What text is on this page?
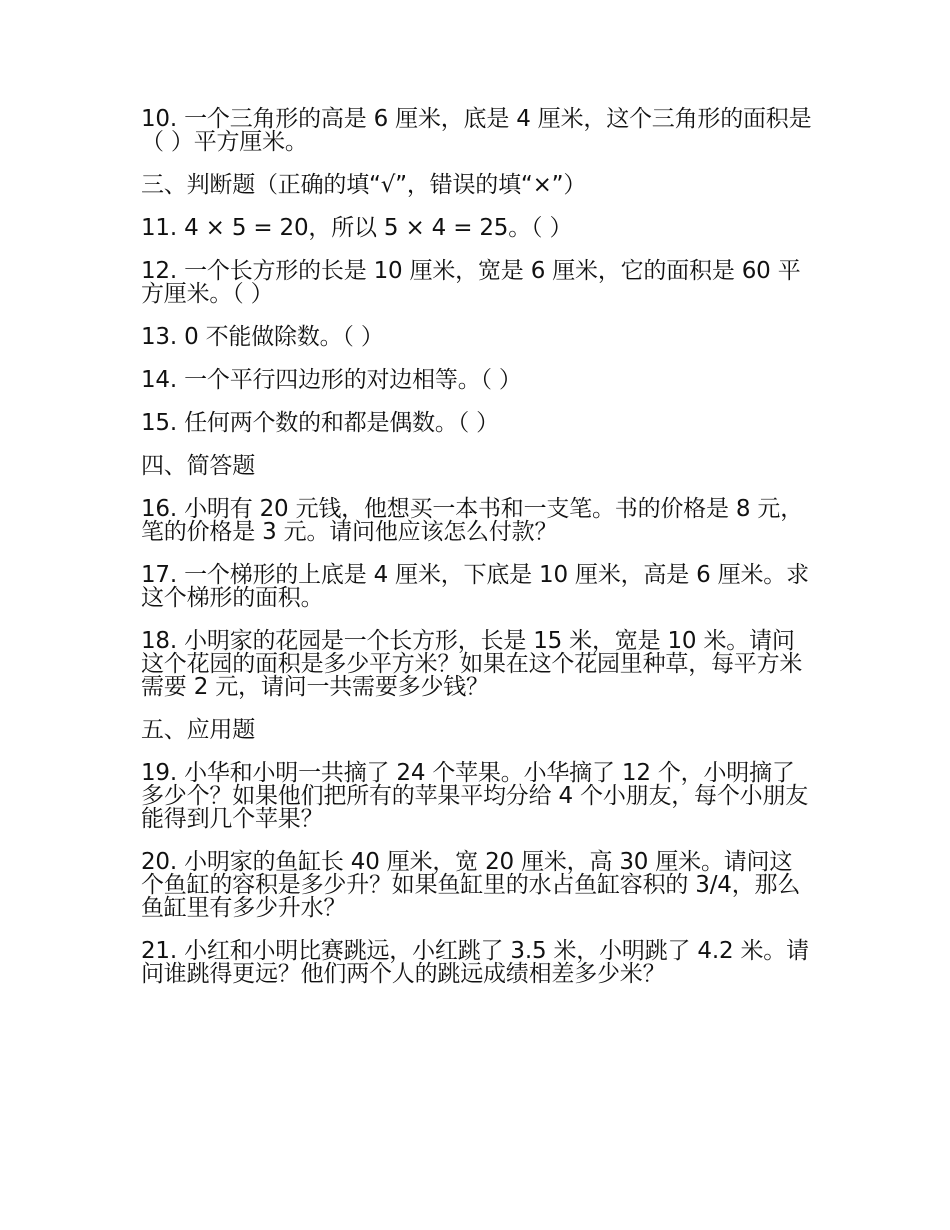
10. 一个三角形的高是 6 厘米，底是 4 厘米，这个三角形的面积是（ ）平方厘米。

三、判断题（正确的填“√”，错误的填“×”）

11. 4 × 5 = 20，所以 5 × 4 = 25。（ ）

12. 一个长方形的长是 10 厘米，宽是 6 厘米，它的面积是 60 平方厘米。（ ）

13. 0 不能做除数。（ ）

14. 一个平行四边形的对边相等。（ ）

15. 任何两个数的和都是偶数。（ ）

四、简答题

16. 小明有 20 元钱，他想买一本书和一支笔。书的价格是 8 元，笔的价格是 3 元。请问他应该怎么付款？

17. 一个梯形的上底是 4 厘米，下底是 10 厘米，高是 6 厘米。求这个梯形的面积。

18. 小明家的花园是一个长方形，长是 15 米，宽是 10 米。请问这个花园的面积是多少平方米？如果在这个花园里种草，每平方米需要 2 元，请问一共需要多少钱？

五、应用题

19. 小华和小明一共摘了 24 个苹果。小华摘了 12 个，小明摘了多少个？如果他们把所有的苹果平均分给 4 个小朋友，每个小朋友能得到几个苹果？

20. 小明家的鱼缸长 40 厘米，宽 20 厘米，高 30 厘米。请问这个鱼缸的容积是多少升？如果鱼缸里的水占鱼缸容积的 3/4，那么鱼缸里有多少升水？

21. 小红和小明比赛跳远，小红跳了 3.5 米，小明跳了 4.2 米。请问谁跳得更远？他们两个人的跳远成绩相差多少米？
